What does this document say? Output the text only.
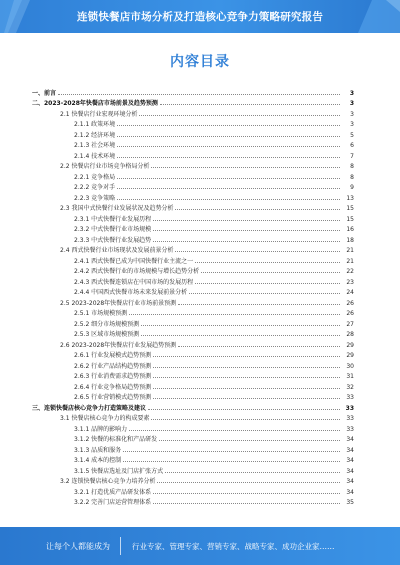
连锁快餐店市场分析及打造核心竞争力策略研究报告
内容目录
一、前言	3
二、2023-2028年快餐店市场前景及趋势预测	3
2.1 快餐店行业宏观环境分析	3
2.1.1 政策环境	3
2.1.2 经济环境	5
2.1.3 社会环境	6
2.1.4 技术环境	7
2.2 快餐店行业市场竞争格局分析	8
2.2.1 竞争格局	8
2.2.2 竞争对手	9
2.2.3 竞争策略	13
2.3 我国中式快餐行业发展状况及趋势分析	15
2.3.1 中式快餐行业发展历程	15
2.3.2 中式快餐行业市场规模	16
2.3.3 中式快餐行业发展趋势	18
2.4 西式快餐行业市场现状及发展前景分析	21
2.4.1 西式快餐已成为中国快餐行业主流之一	21
2.4.2 西式快餐行业的市场规模与增长趋势分析	22
2.4.3 西式快餐连锁店在中国市场的发展历程	23
2.4.4 中国西式快餐市场未来发展前景分析	24
2.5 2023-2028年快餐店行业市场前景预测	26
2.5.1 市场规模预测	26
2.5.2 细分市场规模预测	27
2.5.3 区域市场规模预测	28
2.6 2023-2028年快餐店行业发展趋势预测	29
2.6.1 行业发展模式趋势预测	29
2.6.2 行业产品结构趋势预测	30
2.6.3 行业消费需求趋势预测	31
2.6.4 行业竞争格局趋势预测	32
2.6.5 行业营销模式趋势预测	33
三、连锁快餐店核心竞争力打造策略及建议	33
3.1 快餐店核心竞争力的构成要素	33
3.1.1 品牌的影响力	33
3.1.2 快餐的标准化和产品研发	34
3.1.3 品质和服务	34
3.1.4 成本的控制	34
3.1.5 快餐店选址及门店扩张方式	34
3.2 连锁快餐店核心竞争力培养分析	34
3.2.1 打造优质产品研发体系	34
3.2.2 完善门店运营管理体系	35
让每个人都能成为	行业专家、管理专家、营销专家、战略专家、成功企业家……
